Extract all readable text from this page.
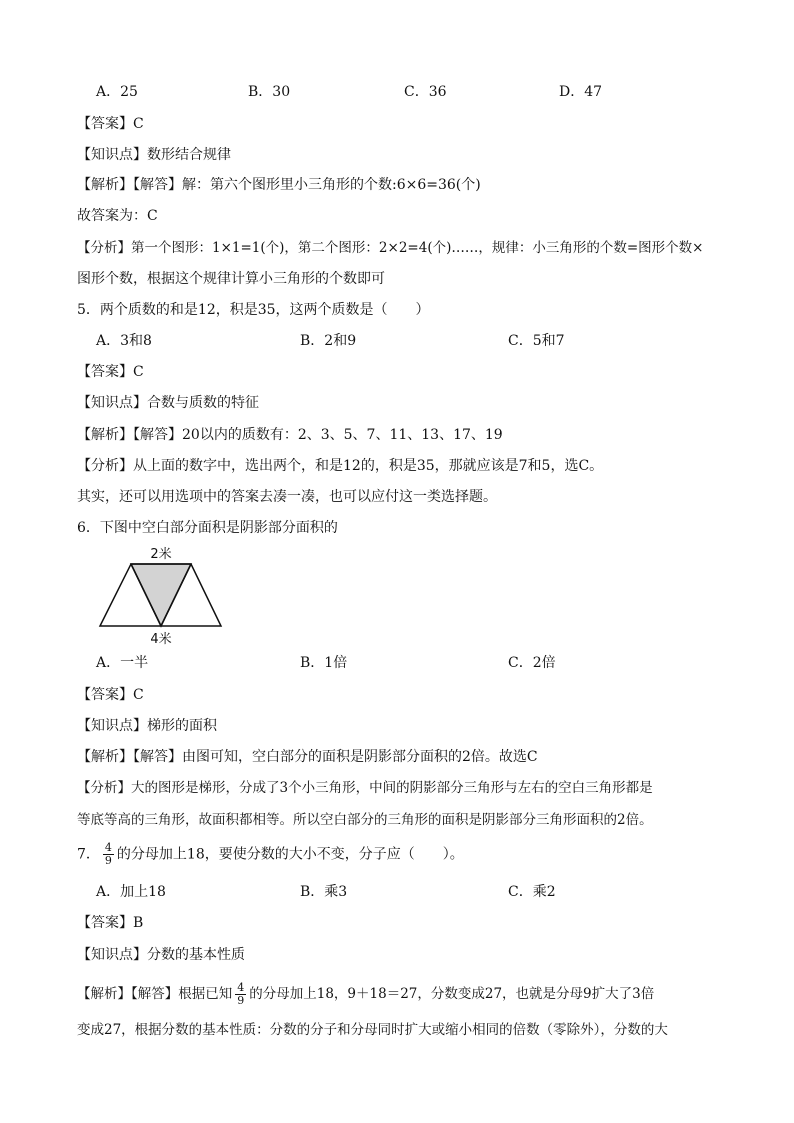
A．25	B．30	C．36	D．47
【答案】C
【知识点】数形结合规律
【解析】【解答】解：第六个图形里小三角形的个数:6×6=36(个)
故答案为：C
【分析】第一个图形：1×1=1(个)，第二个图形：2×2=4(个)……，规律：小三角形的个数=图形个数×
图形个数，根据这个规律计算小三角形的个数即可
5．两个质数的和是12，积是35，这两个质数是（　　）
A．3和8	B．2和9	C．5和7
【答案】C
【知识点】合数与质数的特征
【解析】【解答】20以内的质数有：2、3、5、7、11、13、17、19
【分析】从上面的数字中，选出两个，和是12的，积是35，那就应该是7和5，选C。
其实，还可以用选项中的答案去凑一凑，也可以应付这一类选择题。
6．下图中空白部分面积是阴影部分面积的
2米
4米
A．一半	B．1倍	C．2倍
【答案】C
【知识点】梯形的面积
【解析】【解答】由图可知，空白部分的面积是阴影部分面积的2倍。故选C
【分析】大的图形是梯形，分成了3个小三角形，中间的阴影部分三角形与左右的空白三角形都是
等底等高的三角形，故面积都相等。所以空白部分的三角形的面积是阴影部分三角形面积的2倍。
7． $\frac{4}{9}$ 的分母加上18，要使分数的大小不变，分子应（　　）。
A．加上18	B．乘3	C．乘2
【答案】B
【知识点】分数的基本性质
【解析】【解答】根据已知 $\frac{4}{9}$ 的分母加上18，9＋18＝27，分数变成27，也就是分母9扩大了3倍
变成27，根据分数的基本性质：分数的分子和分母同时扩大或缩小相同的倍数（零除外），分数的大
